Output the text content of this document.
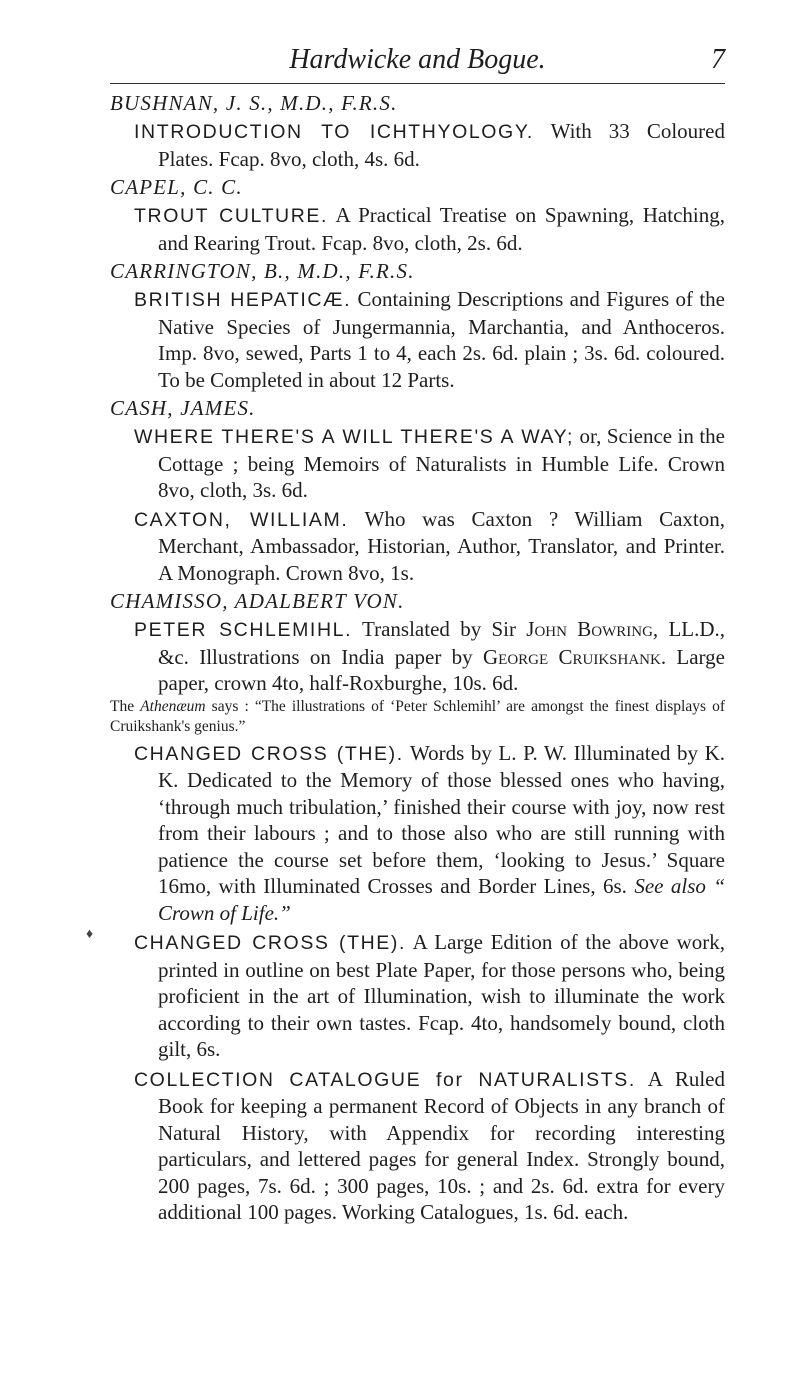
Hardwicke and Bogue.	7
♦

BUSHNAN, J. S., M.D., F.R.S.

INTRODUCTION TO ICHTHYOLOGY. With 33 Coloured Plates. Fcap. 8vo, cloth, 4s. 6d.

CAPEL, C. C.

TROUT CULTURE. A Practical Treatise on Spawning, Hatching, and Rearing Trout. Fcap. 8vo, cloth, 2s. 6d.

CARRINGTON, B., M.D., F.R.S.

BRITISH HEPATICÆ. Containing Descriptions and Figures of the Native Species of Jungermannia, Marchantia, and Anthoceros. Imp. 8vo, sewed, Parts 1 to 4, each 2s. 6d. plain ; 3s. 6d. coloured. To be Completed in about 12 Parts.

CASH, JAMES.

WHERE THERE'S A WILL THERE'S A WAY; or, Science in the Cottage ; being Memoirs of Naturalists in Humble Life. Crown 8vo, cloth, 3s. 6d.

CAXTON, WILLIAM. Who was Caxton ? William Caxton, Merchant, Ambassador, Historian, Author, Translator, and Printer. A Monograph. Crown 8vo, 1s.

CHAMISSO, ADALBERT VON.

PETER SCHLEMIHL. Translated by Sir John Bowring, LL.D., &c. Illustrations on India paper by George Cruikshank. Large paper, crown 4to, half-Roxburghe, 10s. 6d.

The Athenæum says : “The illustrations of ‘Peter Schlemihl’ are amongst the finest displays of Cruikshank's genius.”

CHANGED CROSS (THE). Words by L. P. W. Illuminated by K. K. Dedicated to the Memory of those blessed ones who having, ‘through much tribulation,’ finished their course with joy, now rest from their labours ; and to those also who are still running with patience the course set before them, ‘looking to Jesus.’ Square 16mo, with Illuminated Crosses and Border Lines, 6s. See also “ Crown of Life.”

CHANGED CROSS (THE). A Large Edition of the above work, printed in outline on best Plate Paper, for those persons who, being proficient in the art of Illumination, wish to illuminate the work according to their own tastes. Fcap. 4to, handsomely bound, cloth gilt, 6s.

COLLECTION CATALOGUE for NATURALISTS. A Ruled Book for keeping a permanent Record of Objects in any branch of Natural History, with Appendix for recording interesting particulars, and lettered pages for general Index. Strongly bound, 200 pages, 7s. 6d. ; 300 pages, 10s. ; and 2s. 6d. extra for every additional 100 pages. Working Catalogues, 1s. 6d. each.
